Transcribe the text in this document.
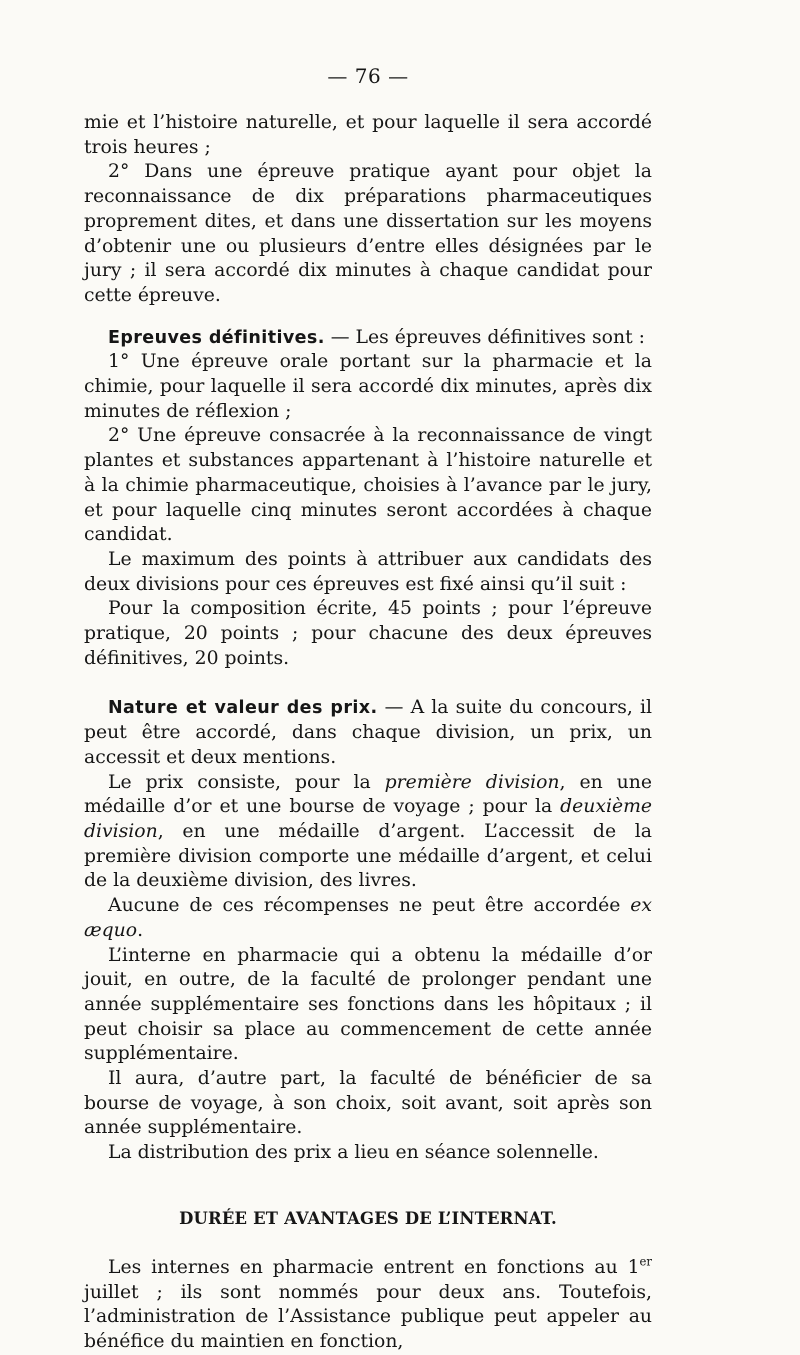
— 76 —

mie et l’histoire naturelle, et pour laquelle il sera accordé trois heures ;

2° Dans une épreuve pratique ayant pour objet la reconnaissance de dix préparations pharmaceutiques proprement dites, et dans une dissertation sur les moyens d’obtenir une ou plusieurs d’entre elles désignées par le jury ; il sera accordé dix minutes à chaque candidat pour cette épreuve.

Epreuves définitives. — Les épreuves définitives sont :

1° Une épreuve orale portant sur la pharmacie et la chimie, pour laquelle il sera accordé dix minutes, après dix minutes de réflexion ;

2° Une épreuve consacrée à la reconnaissance de vingt plantes et substances appartenant à l’histoire naturelle et à la chimie pharmaceutique, choisies à l’avance par le jury, et pour laquelle cinq minutes seront accordées à chaque candidat.

Le maximum des points à attribuer aux candidats des deux divisions pour ces épreuves est fixé ainsi qu’il suit :

Pour la composition écrite, 45 points ; pour l’épreuve pratique, 20 points ; pour chacune des deux épreuves définitives, 20 points.

Nature et valeur des prix. — A la suite du concours, il peut être accordé, dans chaque division, un prix, un accessit et deux mentions.

Le prix consiste, pour la première division, en une médaille d’or et une bourse de voyage ; pour la deuxième division, en une médaille d’argent. L’accessit de la première division comporte une médaille d’argent, et celui de la deuxième division, des livres.

Aucune de ces récompenses ne peut être accordée ex æquo.

L’interne en pharmacie qui a obtenu la médaille d’or jouit, en outre, de la faculté de prolonger pendant une année supplémentaire ses fonctions dans les hôpitaux ; il peut choisir sa place au commencement de cette année supplémentaire.

Il aura, d’autre part, la faculté de bénéficier de sa bourse de voyage, à son choix, soit avant, soit après son année supplémentaire.

La distribution des prix a lieu en séance solennelle.

DURÉE ET AVANTAGES DE L’INTERNAT.

Les internes en pharmacie entrent en fonctions au 1er juillet ; ils sont nommés pour deux ans. Toutefois, l’administration de l’Assistance publique peut appeler au bénéfice du maintien en fonction,
